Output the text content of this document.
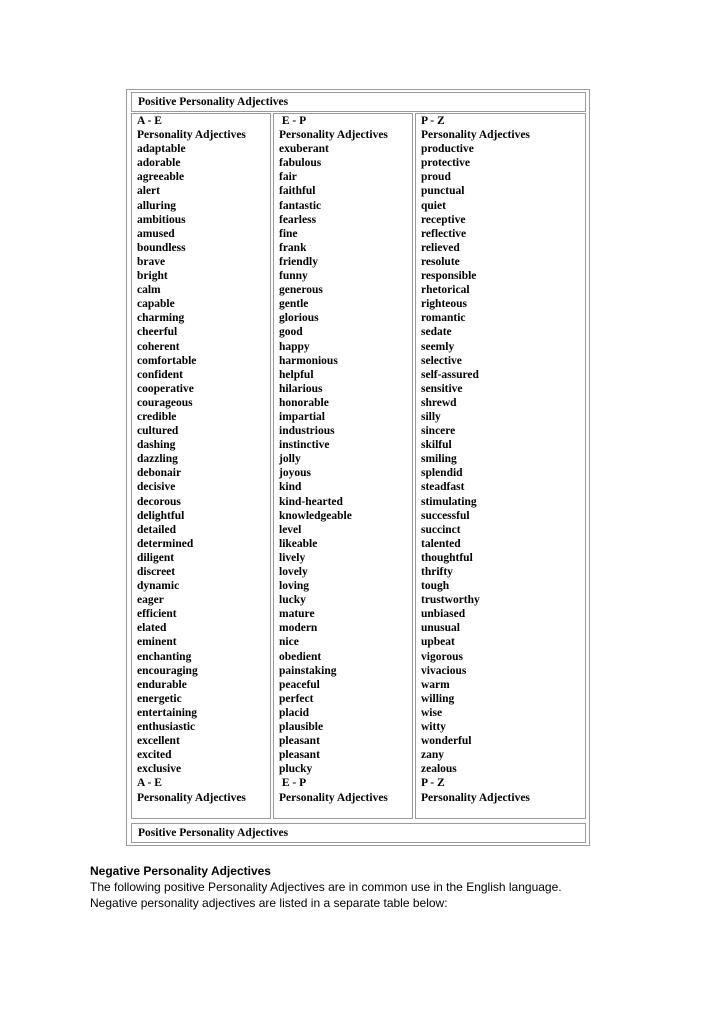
Positive Personality Adjectives
A - E
Personality Adjectives
adaptable
adorable
agreeable
alert
alluring
ambitious
amused
boundless
brave
bright
calm
capable
charming
cheerful
coherent
comfortable
confident
cooperative
courageous
credible
cultured
dashing
dazzling
debonair
decisive
decorous
delightful
detailed
determined
diligent
discreet
dynamic
eager
efficient
elated
eminent
enchanting
encouraging
endurable
energetic
entertaining
enthusiastic
excellent
excited
exclusive
A - E
Personality Adjectives
E - P
Personality Adjectives
exuberant
fabulous
fair
faithful
fantastic
fearless
fine
frank
friendly
funny
generous
gentle
glorious
good
happy
harmonious
helpful
hilarious
honorable
impartial
industrious
instinctive
jolly
joyous
kind
kind-hearted
knowledgeable
level
likeable
lively
lovely
loving
lucky
mature
modern
nice
obedient
painstaking
peaceful
perfect
placid
plausible
pleasant
pleasant
plucky
E - P
Personality Adjectives
P - Z
Personality Adjectives
productive
protective
proud
punctual
quiet
receptive
reflective
relieved
resolute
responsible
rhetorical
righteous
romantic
sedate
seemly
selective
self-assured
sensitive
shrewd
silly
sincere
skilful
smiling
splendid
steadfast
stimulating
successful
succinct
talented
thoughtful
thrifty
tough
trustworthy
unbiased
unusual
upbeat
vigorous
vivacious
warm
willing
wise
witty
wonderful
zany
zealous
P - Z
Personality Adjectives
Positive Personality Adjectives
Negative Personality Adjectives
The following positive Personality Adjectives are in common use in the English language.
Negative personality adjectives are listed in a separate table below:
